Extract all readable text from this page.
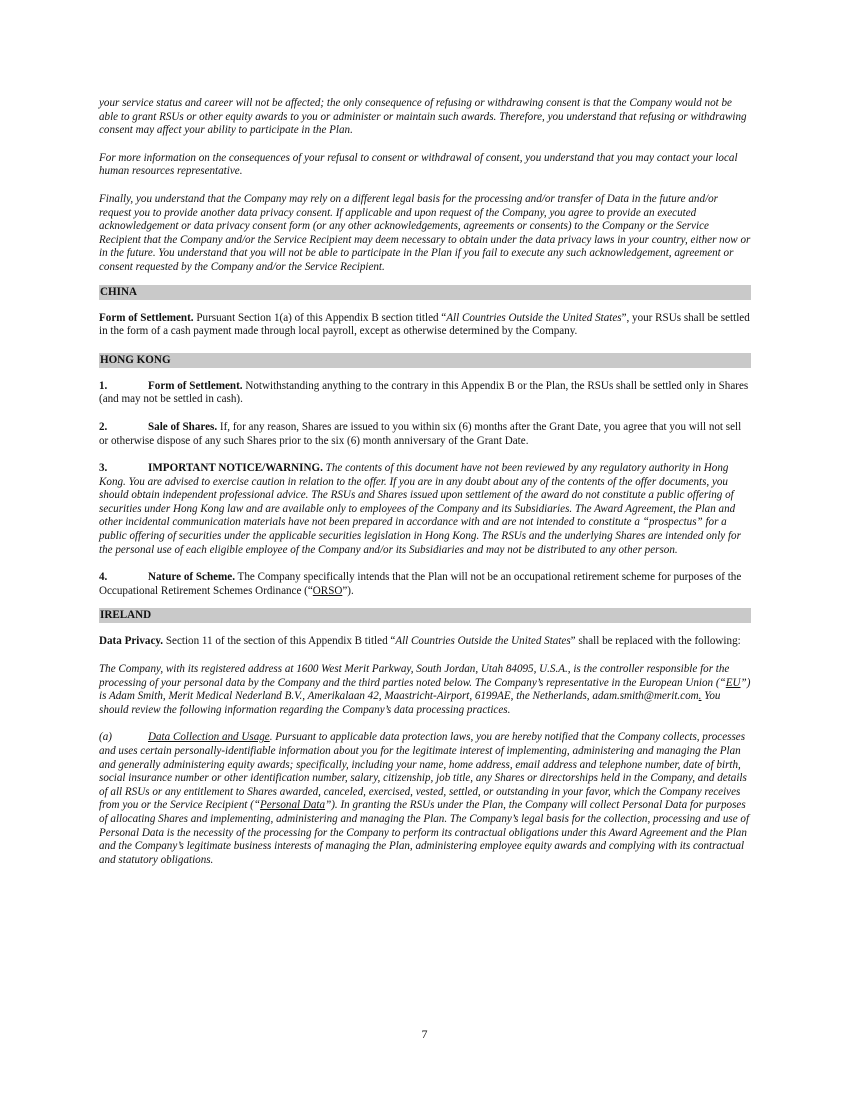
your service status and career will not be affected; the only consequence of refusing or withdrawing consent is that the Company would not be able to grant RSUs or other equity awards to you or administer or maintain such awards. Therefore, you understand that refusing or withdrawing consent may affect your ability to participate in the Plan.

For more information on the consequences of your refusal to consent or withdrawal of consent, you understand that you may contact your local human resources representative.

Finally, you understand that the Company may rely on a different legal basis for the processing and/or transfer of Data in the future and/or request you to provide another data privacy consent. If applicable and upon request of the Company, you agree to provide an executed acknowledgement or data privacy consent form (or any other acknowledgements, agreements or consents) to the Company or the Service Recipient that the Company and/or the Service Recipient may deem necessary to obtain under the data privacy laws in your country, either now or in the future. You understand that you will not be able to participate in the Plan if you fail to execute any such acknowledgement, agreement or consent requested by the Company and/or the Service Recipient.

CHINA

Form of Settlement. Pursuant Section 1(a) of this Appendix B section titled “All Countries Outside the United States”, your RSUs shall be settled in the form of a cash payment made through local payroll, except as otherwise determined by the Company.

HONG KONG

1.	Form of Settlement. Notwithstanding anything to the contrary in this Appendix B or the Plan, the RSUs shall be settled only in Shares (and may not be settled in cash).

2.	Sale of Shares. If, for any reason, Shares are issued to you within six (6) months after the Grant Date, you agree that you will not sell or otherwise dispose of any such Shares prior to the six (6) month anniversary of the Grant Date.

3.	IMPORTANT NOTICE/WARNING. The contents of this document have not been reviewed by any regulatory authority in Hong Kong. You are advised to exercise caution in relation to the offer. If you are in any doubt about any of the contents of the offer documents, you should obtain independent professional advice. The RSUs and Shares issued upon settlement of the award do not constitute a public offering of securities under Hong Kong law and are available only to employees of the Company and its Subsidiaries. The Award Agreement, the Plan and other incidental communication materials have not been prepared in accordance with and are not intended to constitute a “prospectus” for a public offering of securities under the applicable securities legislation in Hong Kong. The RSUs and the underlying Shares are intended only for the personal use of each eligible employee of the Company and/or its Subsidiaries and may not be distributed to any other person.

4.	Nature of Scheme. The Company specifically intends that the Plan will not be an occupational retirement scheme for purposes of the Occupational Retirement Schemes Ordinance (“ORSO”).

IRELAND

Data Privacy. Section 11 of the section of this Appendix B titled “All Countries Outside the United States” shall be replaced with the following:

The Company, with its registered address at 1600 West Merit Parkway, South Jordan, Utah 84095, U.S.A., is the controller responsible for the processing of your personal data by the Company and the third parties noted below. The Company’s representative in the European Union (“EU”) is Adam Smith, Merit Medical Nederland B.V., Amerikalaan 42, Maastricht-Airport, 6199AE, the Netherlands, adam.smith@merit.com. You should review the following information regarding the Company’s data processing practices.

(a)	Data Collection and Usage. Pursuant to applicable data protection laws, you are hereby notified that the Company collects, processes and uses certain personally-identifiable information about you for the legitimate interest of implementing, administering and managing the Plan and generally administering equity awards; specifically, including your name, home address, email address and telephone number, date of birth, social insurance number or other identification number, salary, citizenship, job title, any Shares or directorships held in the Company, and details of all RSUs or any entitlement to Shares awarded, canceled, exercised, vested, settled, or outstanding in your favor, which the Company receives from you or the Service Recipient (“Personal Data”). In granting the RSUs under the Plan, the Company will collect Personal Data for purposes of allocating Shares and implementing, administering and managing the Plan. The Company’s legal basis for the collection, processing and use of Personal Data is the necessity of the processing for the Company to perform its contractual obligations under this Award Agreement and the Plan and the Company’s legitimate business interests of managing the Plan, administering employee equity awards and complying with its contractual and statutory obligations.

7
